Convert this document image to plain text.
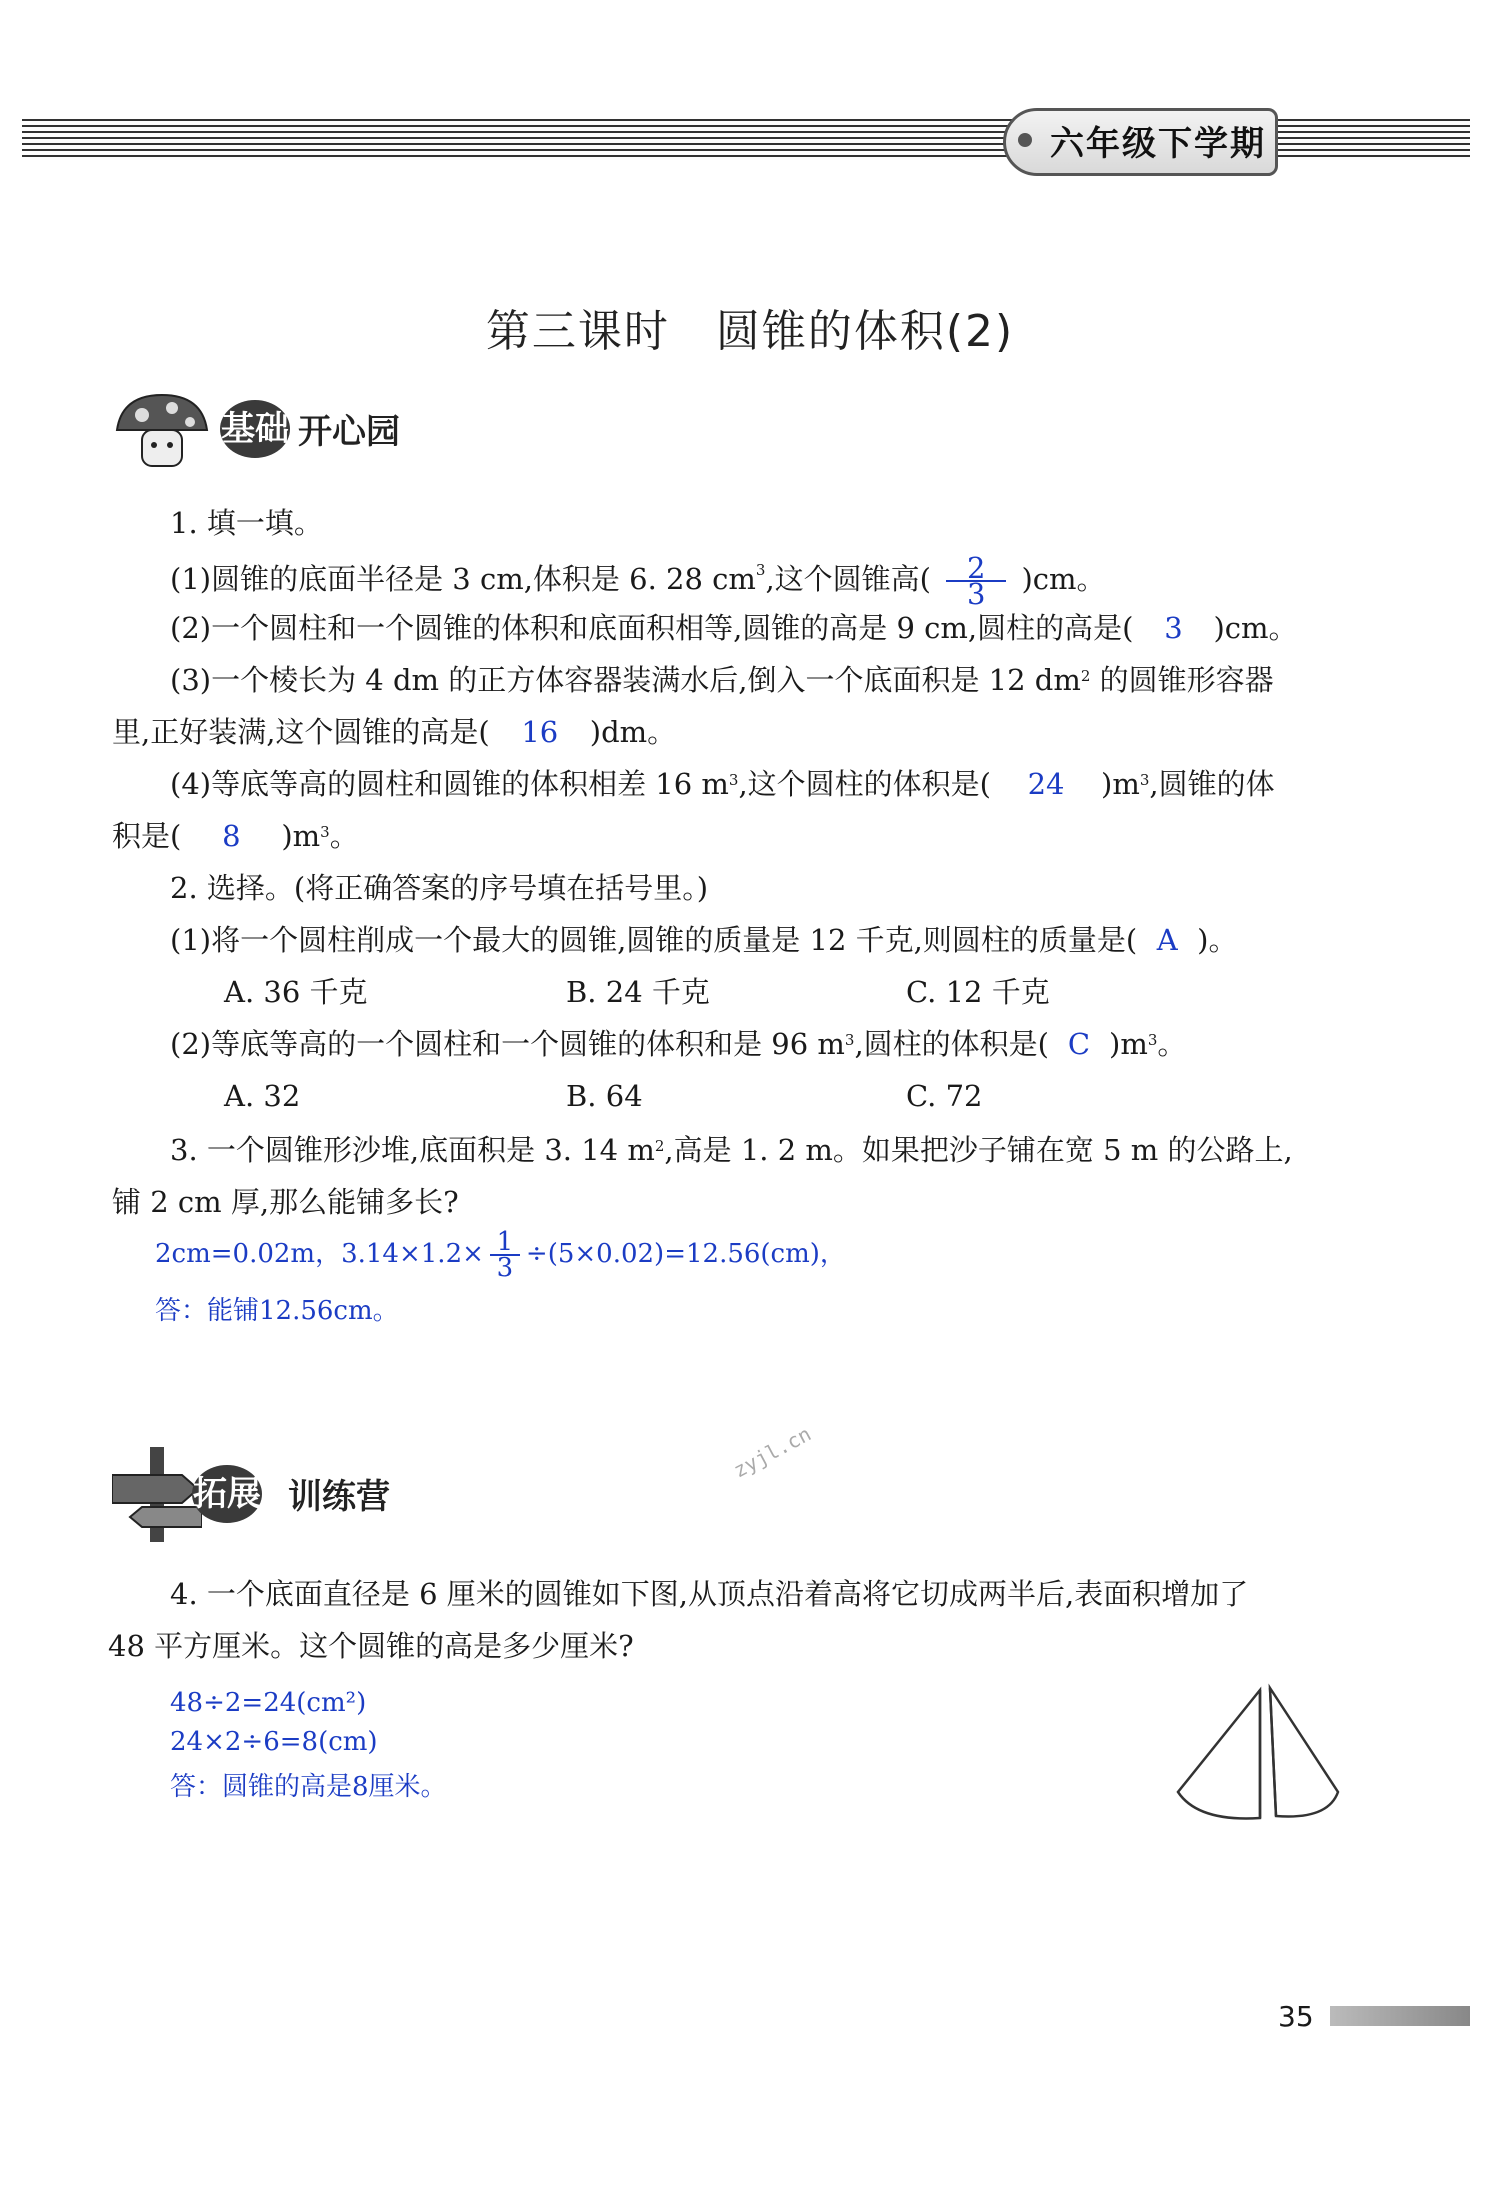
六年级下学期
第三课时　圆锥的体积(2)
基础 开心园
1. 填一填。
(1)圆锥的底面半径是 3 cm,体积是 6. 28 $cm^3$,这个圆锥高( $\frac{2}{3} )cm$。
(2)一个圆柱和一个圆锥的体积和底面积相等,圆锥的高是 9 cm,圆柱的高是( 3 )cm。
(3)一个棱长为 4 dm 的正方体容器装满水后,倒入一个底面积是 12 $dm^2$ 的圆锥形容器
里,正好装满,这个圆锥的高是( 16 )dm。
(4)等底等高的圆柱和圆锥的体积相差 16 $m^3$,这个圆柱的体积是( 24 )$m^3$,圆锥的体
积是( 8 )$m^3$。
2. 选择。(将正确答案的序号填在括号里。)
(1)将一个圆柱削成一个最大的圆锥,圆锥的质量是 12 千克,则圆柱的质量是( A )。
A. 36 千克	B. 24 千克	C. 12 千克
(2)等底等高的一个圆柱和一个圆锥的体积和是 96 $m^3$,圆柱的体积是( C )$m^3$。
A. 32	B. 64	C. 72
3. 一个圆锥形沙堆,底面积是 3. 14 $m^2$,高是 1. 2 m。如果把沙子铺在宽 5 m 的公路上,
铺 2 cm 厚,那么能铺多长?
2cm=0.02m，$3.14\times 1.2\times \frac{1}{3} \div(5\times 0.02)=12.56(cm)$，
答：能铺12.56cm。
zyjl.cn
拓展 训练营
4. 一个底面直径是 6 厘米的圆锥如下图,从顶点沿着高将它切成两半后,表面积增加了
48 平方厘米。这个圆锥的高是多少厘米?
48÷2=24(cm²)
24×2÷6=8(cm)
答：圆锥的高是8厘米。
35
